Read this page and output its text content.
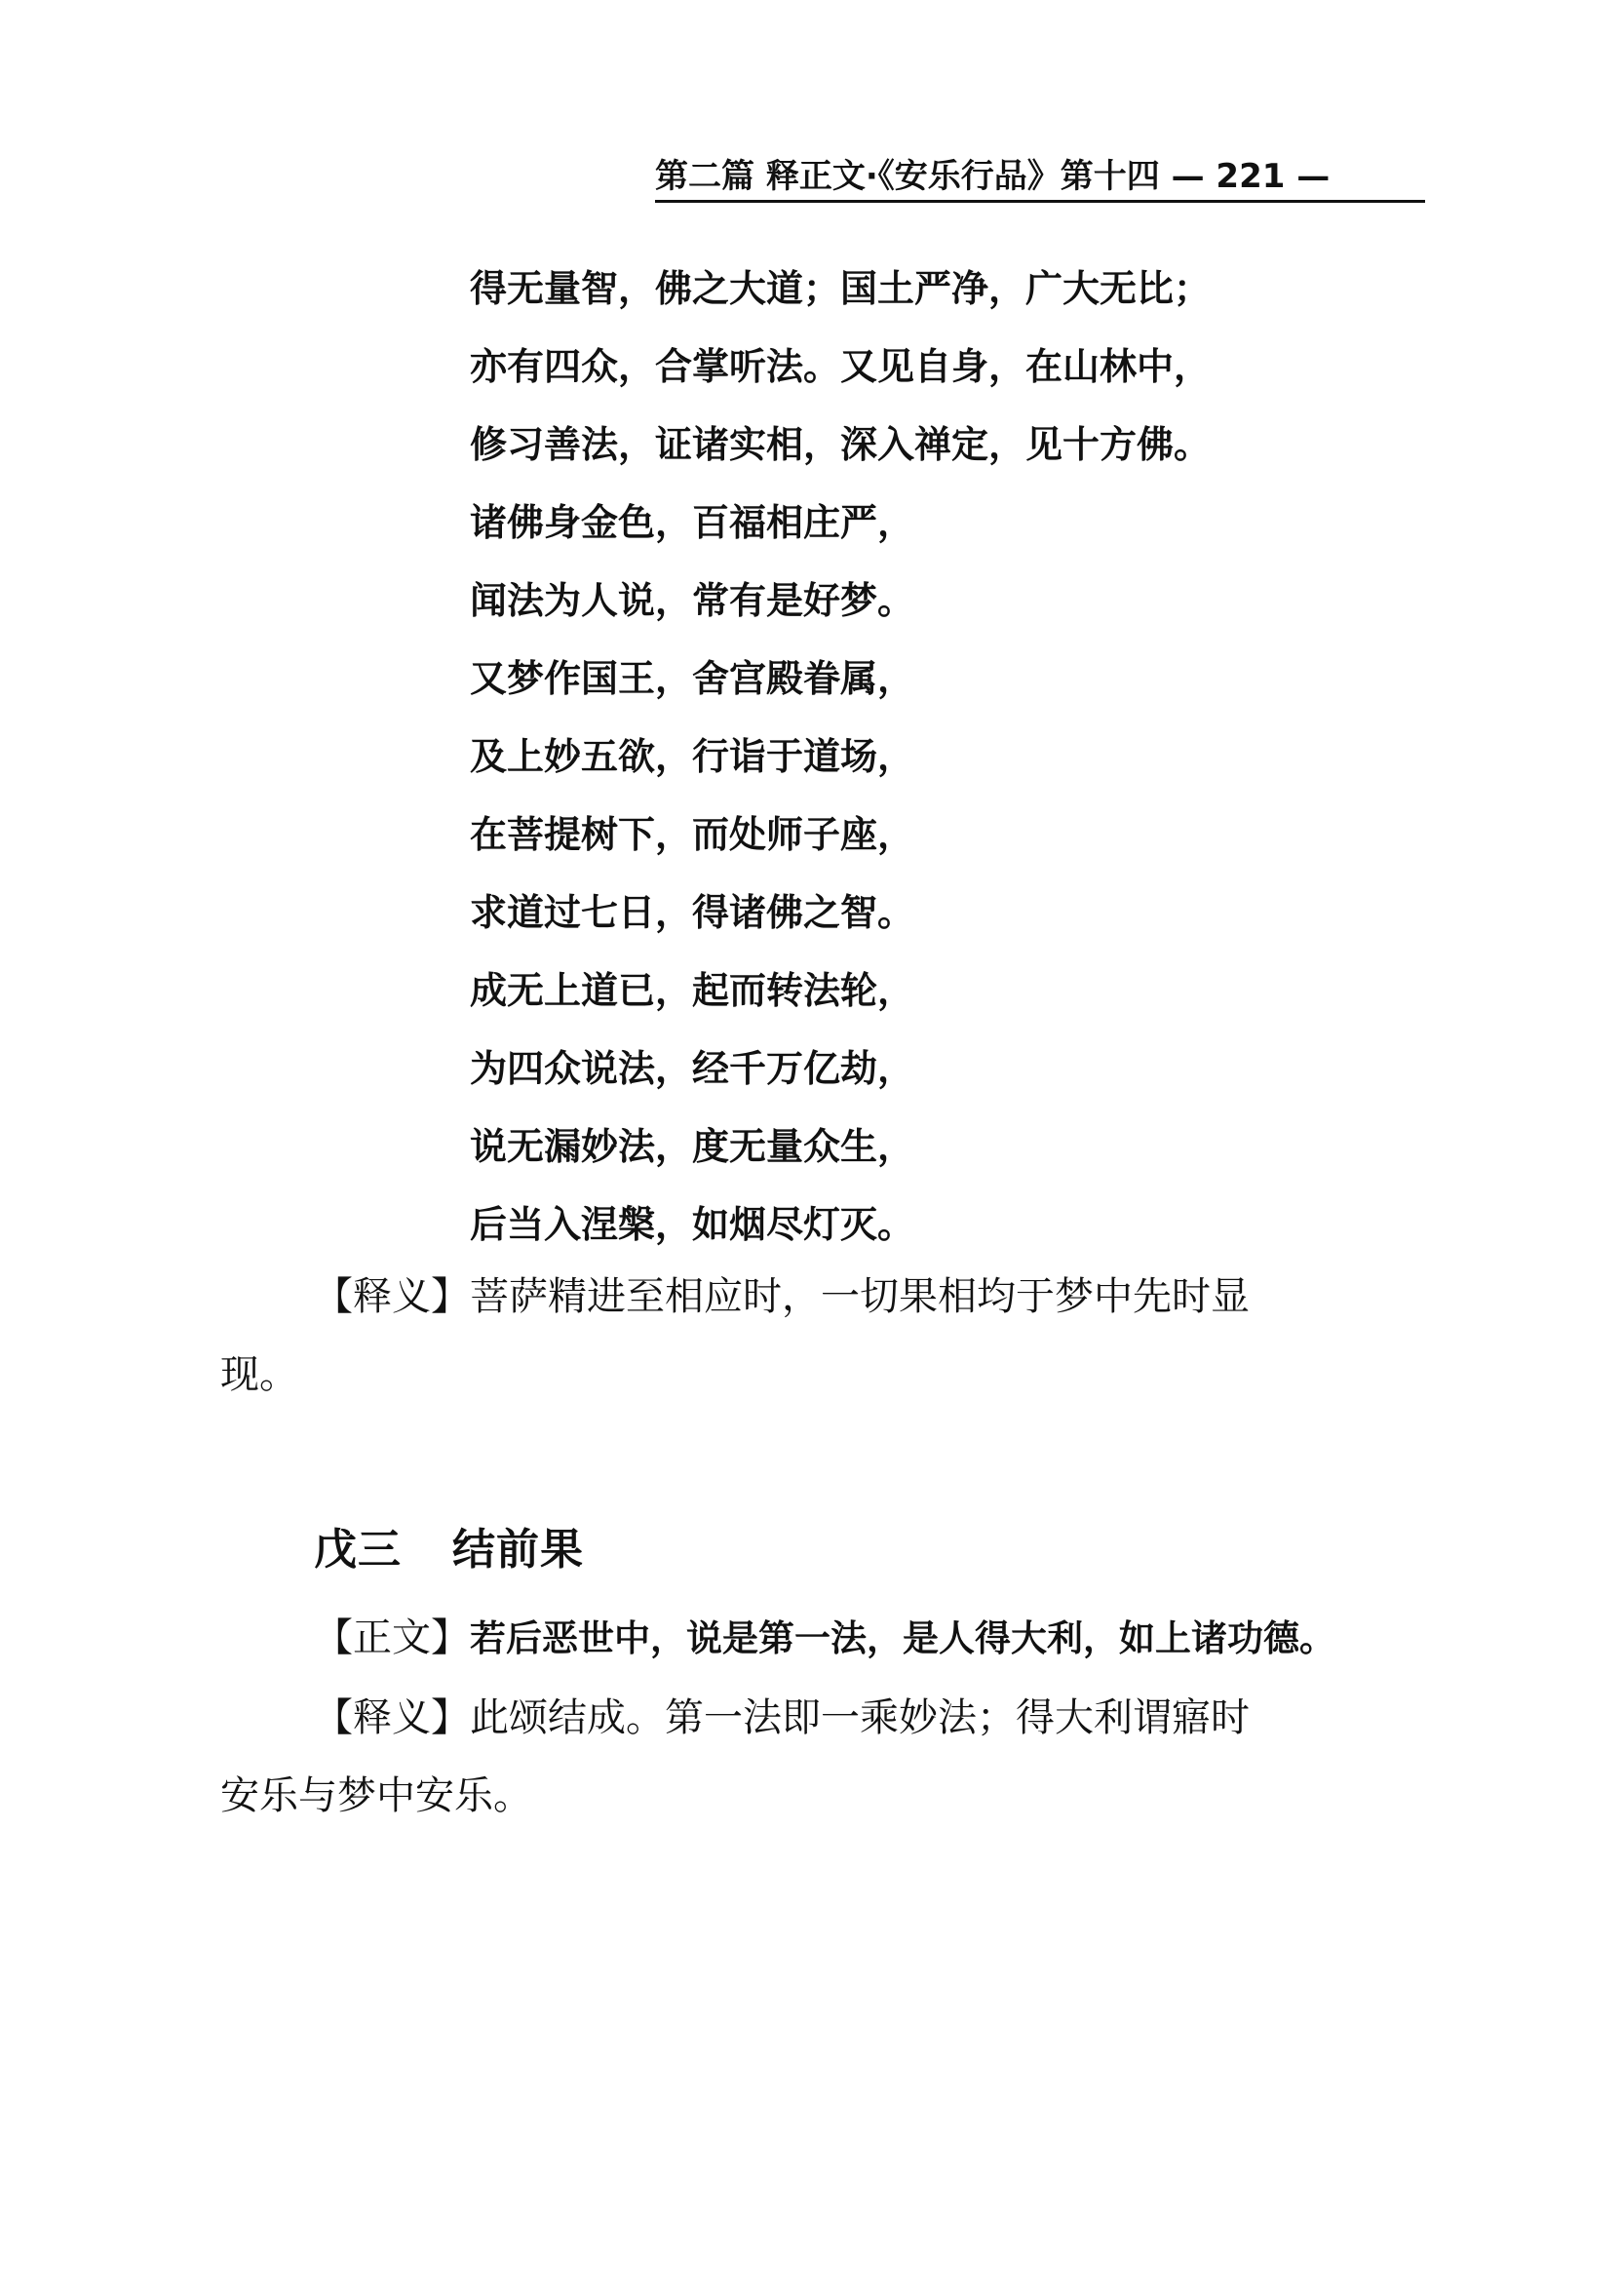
第二篇 释正文·《安乐行品》第十四 — 221 —
得无量智，佛之大道；国土严净，广大无比；
亦有四众，合掌听法。又见自身，在山林中，
修习善法，证诸实相，深入禅定，见十方佛。
诸佛身金色，百福相庄严，
闻法为人说，常有是好梦。
又梦作国王，舍宫殿眷属，
及上妙五欲，行诣于道场，
在菩提树下，而处师子座，
求道过七日，得诸佛之智。
成无上道已，起而转法轮，
为四众说法，经千万亿劫，
说无漏妙法，度无量众生，
后当入涅槃，如烟尽灯灭。

【释义】菩萨精进至相应时，一切果相均于梦中先时显

现。

戊三 结前果

【正文】若后恶世中，说是第一法，是人得大利，如上诸功德。

【释义】此颂结成。第一法即一乘妙法；得大利谓寤时

安乐与梦中安乐。
